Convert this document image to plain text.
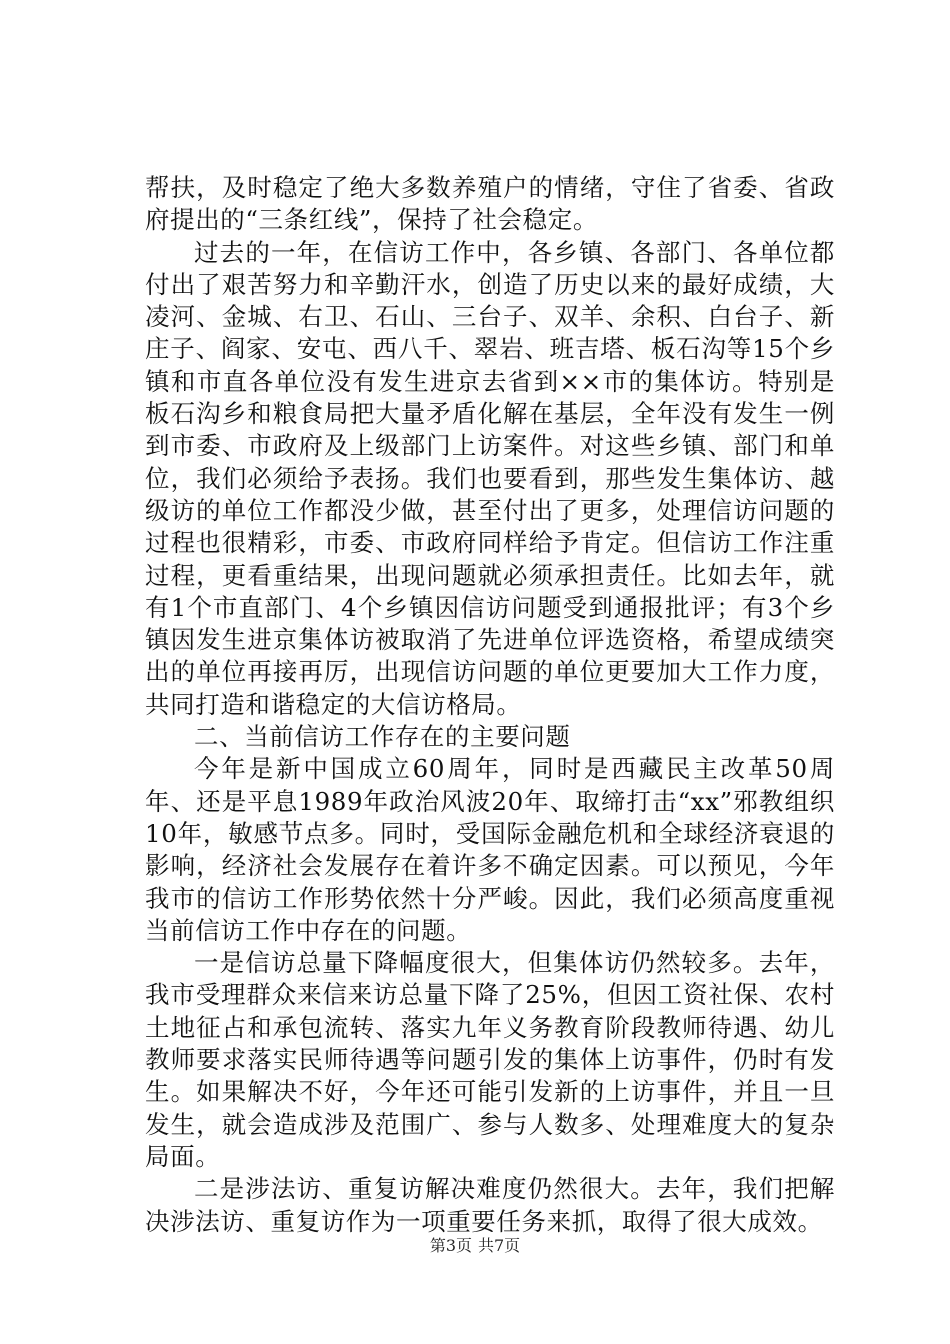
帮扶，及时稳定了绝大多数养殖户的情绪，守住了省委、省政府提出的“三条红线”，保持了社会稳定。

过去的一年，在信访工作中，各乡镇、各部门、各单位都付出了艰苦努力和辛勤汗水，创造了历史以来的最好成绩，大凌河、金城、右卫、石山、三台子、双羊、余积、白台子、新庄子、阎家、安屯、西八千、翠岩、班吉塔、板石沟等15个乡镇和市直各单位没有发生进京去省到××市的集体访。特别是板石沟乡和粮食局把大量矛盾化解在基层，全年没有发生一例到市委、市政府及上级部门上访案件。对这些乡镇、部门和单位，我们必须给予表扬。我们也要看到，那些发生集体访、越级访的单位工作都没少做，甚至付出了更多，处理信访问题的过程也很精彩，市委、市政府同样给予肯定。但信访工作注重过程，更看重结果，出现问题就必须承担责任。比如去年，就有1个市直部门、4个乡镇因信访问题受到通报批评；有3个乡镇因发生进京集体访被取消了先进单位评选资格，希望成绩突出的单位再接再厉，出现信访问题的单位更要加大工作力度，共同打造和谐稳定的大信访格局。

二、当前信访工作存在的主要问题

今年是新中国成立60周年，同时是西藏民主改革50周年、还是平息1989年政治风波20年、取缔打击“xx”邪教组织10年，敏感节点多。同时，受国际金融危机和全球经济衰退的影响，经济社会发展存在着许多不确定因素。可以预见，今年我市的信访工作形势依然十分严峻。因此，我们必须高度重视当前信访工作中存在的问题。

一是信访总量下降幅度很大，但集体访仍然较多。去年，我市受理群众来信来访总量下降了25%，但因工资社保、农村土地征占和承包流转、落实九年义务教育阶段教师待遇、幼儿教师要求落实民师待遇等问题引发的集体上访事件，仍时有发生。如果解决不好，今年还可能引发新的上访事件，并且一旦发生，就会造成涉及范围广、参与人数多、处理难度大的复杂局面。

二是涉法访、重复访解决难度仍然很大。去年，我们把解决涉法访、重复访作为一项重要任务来抓，取得了很大成效。

第3页 共7页
